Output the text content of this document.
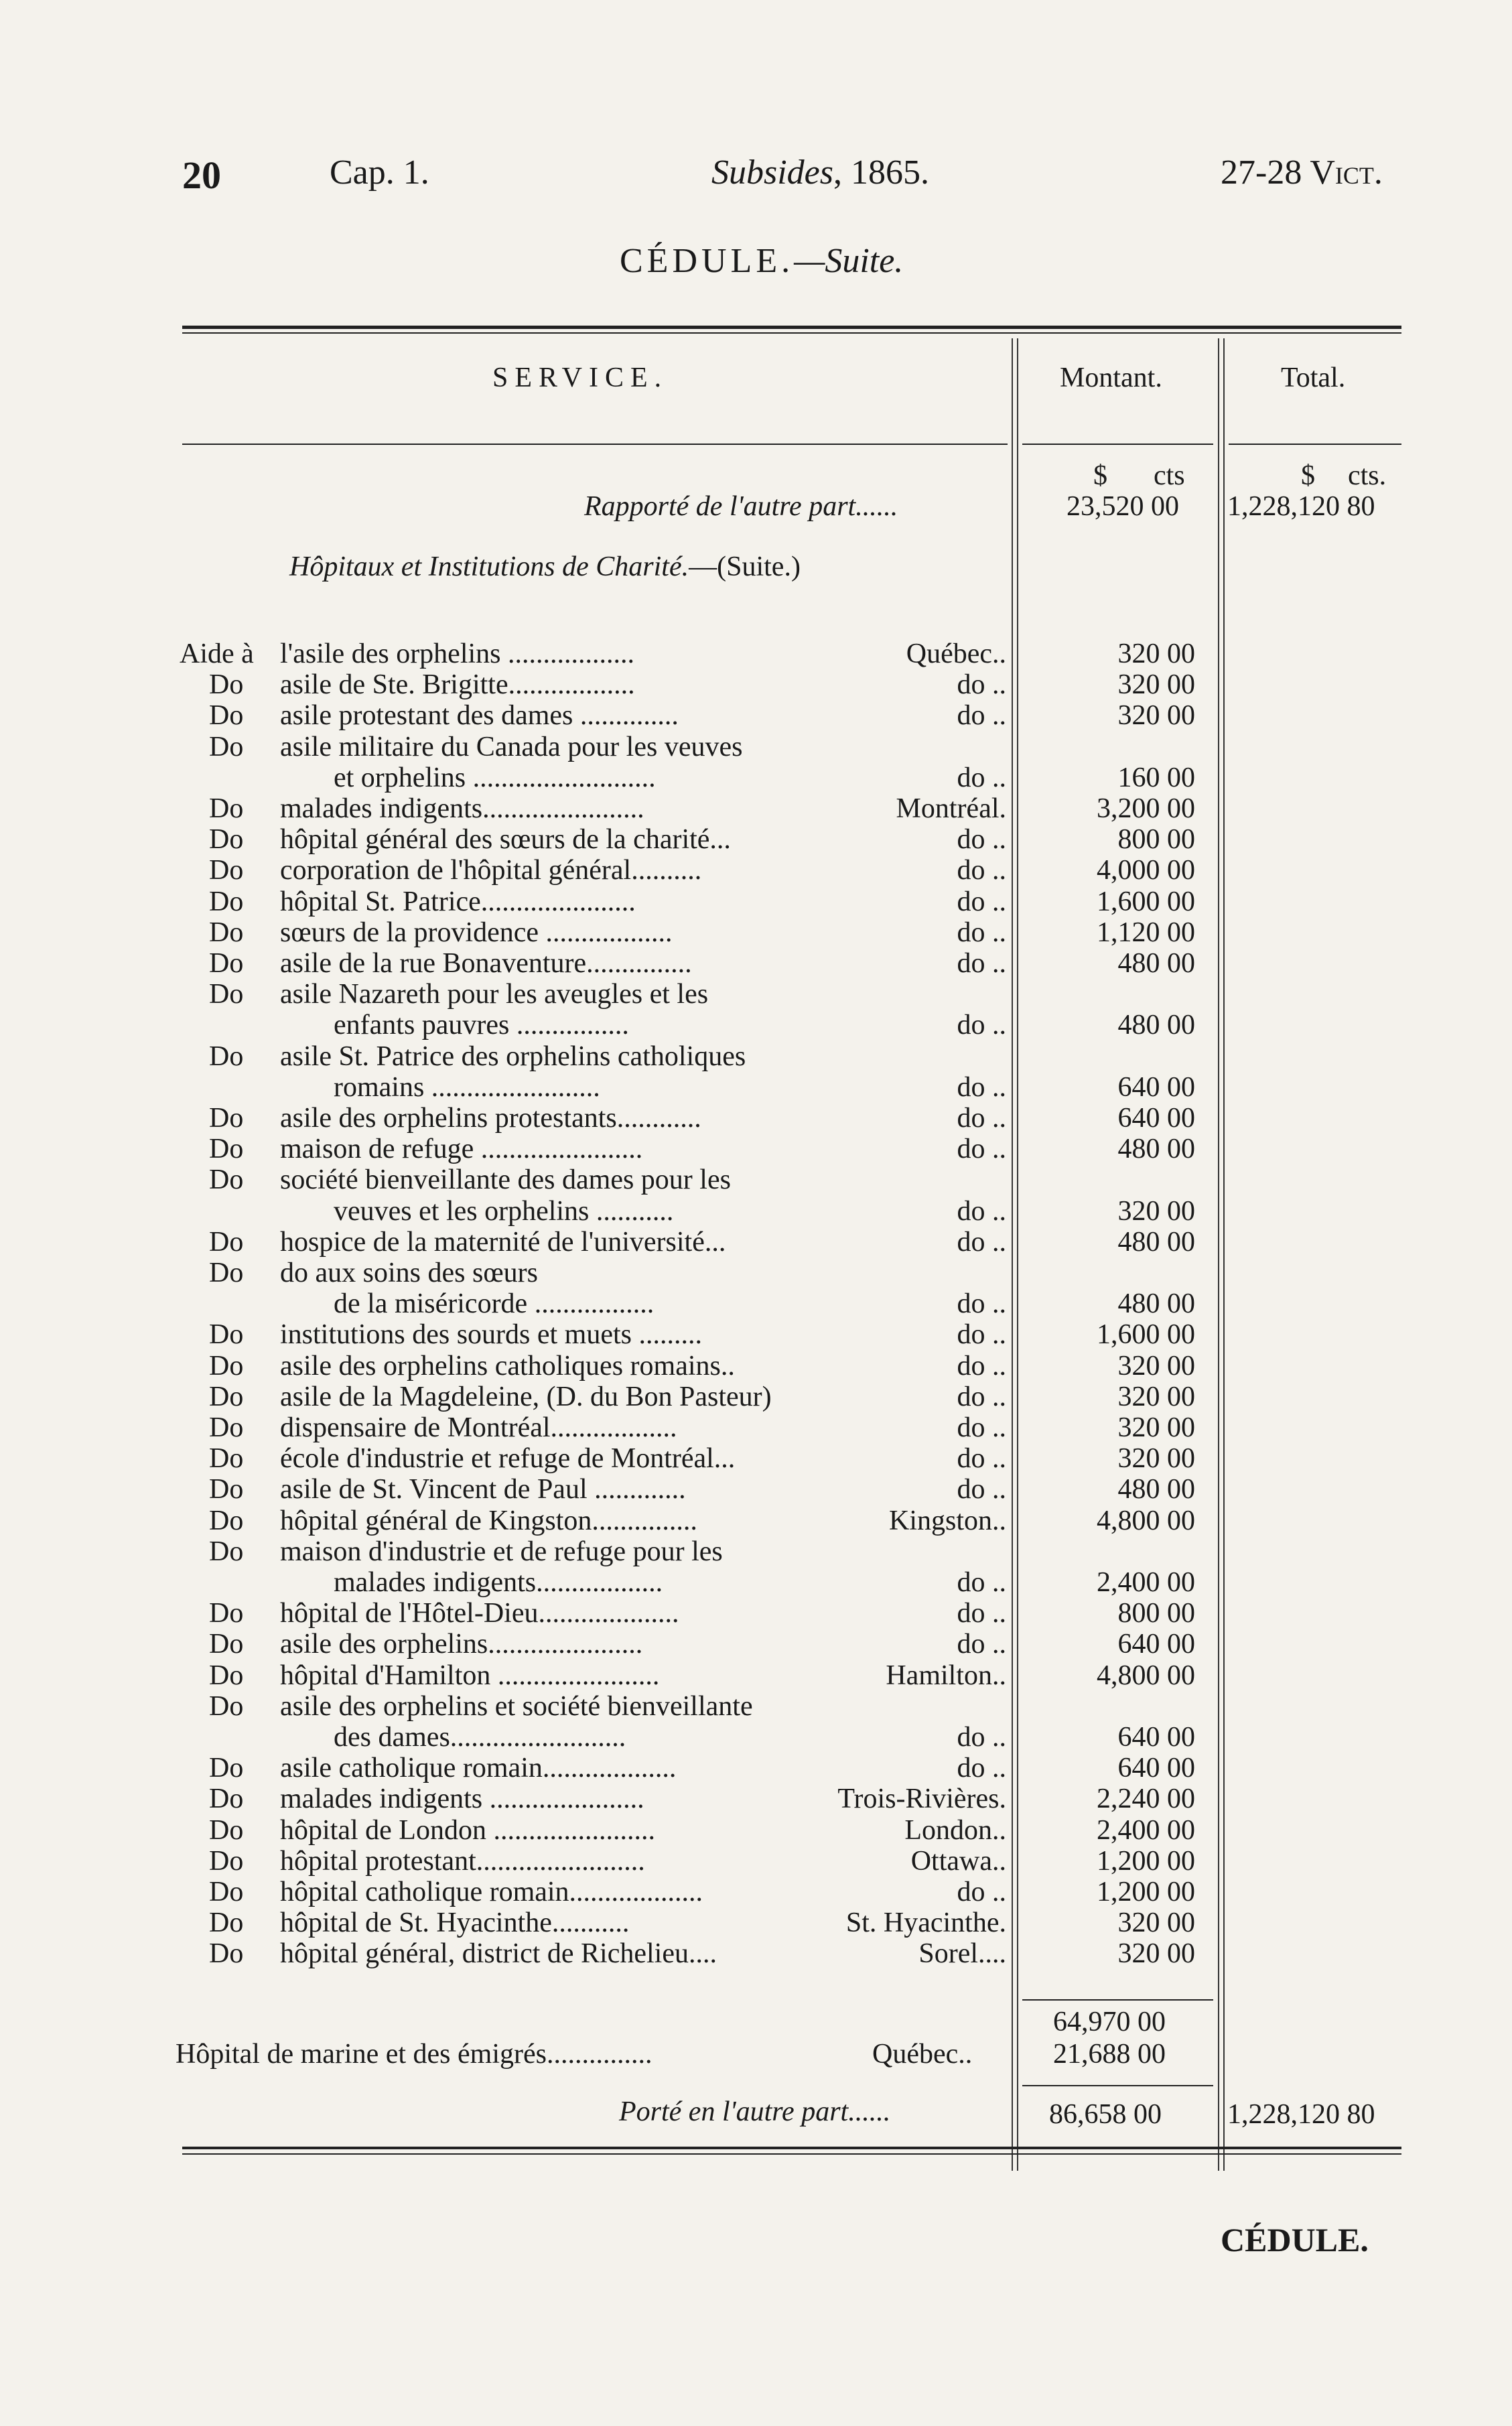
20	Cap. 1.	Subsides, 1865.	27-28 Vict.
CÉDULE.—Suite.
SERVICE.	Montant.	Total.
$ cts	$ cts.
Rapporté de l'autre part......	23,520 00 1,228,120 80
Hôpitaux et Institutions de Charité.—(Suite.)
Aide à l'asile des orphelins ..................	Québec..	320 00
Do asile de Ste. Brigitte..................	do ..	320 00
Do asile protestant des dames ..............	do ..	320 00
Do asile militaire du Canada pour les veuves
et orphelins ..........................	do ..	160 00
Do malades indigents.......................	Montréal.	3,200 00
Do hôpital général des sœurs de la charité...	do ..	800 00
Do corporation de l'hôpital général..........	do ..	4,000 00
Do hôpital St. Patrice......................	do ..	1,600 00
Do sœurs de la providence ..................	do ..	1,120 00
Do asile de la rue Bonaventure...............	do ..	480 00
Do asile Nazareth pour les aveugles et les
enfants pauvres ................	do ..	480 00
Do asile St. Patrice des orphelins catholiques
romains ........................	do ..	640 00
Do asile des orphelins protestants............	do ..	640 00
Do maison de refuge .......................	do ..	480 00
Do société bienveillante des dames pour les
veuves et les orphelins ...........	do ..	320 00
Do hospice de la maternité de l'université...	do ..	480 00
Do do aux soins des sœurs
de la miséricorde .................	do ..	480 00
Do institutions des sourds et muets .........	do ..	1,600 00
Do asile des orphelins catholiques romains..	do ..	320 00
Do asile de la Magdeleine, (D. du Bon Pasteur)	do ..	320 00
Do dispensaire de Montréal..................	do ..	320 00
Do école d'industrie et refuge de Montréal...	do ..	320 00
Do asile de St. Vincent de Paul .............	do ..	480 00
Do hôpital général de Kingston...............	Kingston..	4,800 00
Do maison d'industrie et de refuge pour les
malades indigents..................	do ..	2,400 00
Do hôpital de l'Hôtel-Dieu....................	do ..	800 00
Do asile des orphelins......................	do ..	640 00
Do hôpital d'Hamilton .......................	Hamilton..	4,800 00
Do asile des orphelins et société bienveillante
des dames.........................	do ..	640 00
Do asile catholique romain...................	do ..	640 00
Do malades indigents ......................	Trois-Rivières.	2,240 00
Do hôpital de London .......................	London..	2,400 00
Do hôpital protestant........................	Ottawa..	1,200 00
Do hôpital catholique romain...................	do ..	1,200 00
Do hôpital de St. Hyacinthe...........	St. Hyacinthe.	320 00
Do hôpital général, district de Richelieu....	Sorel....	320 00
64,970 00
Hôpital de marine et des émigrés...............	Québec..	21,688 00
Porté en l'autre part......	86,658 00 1,228,120 80
CÉDULE.
